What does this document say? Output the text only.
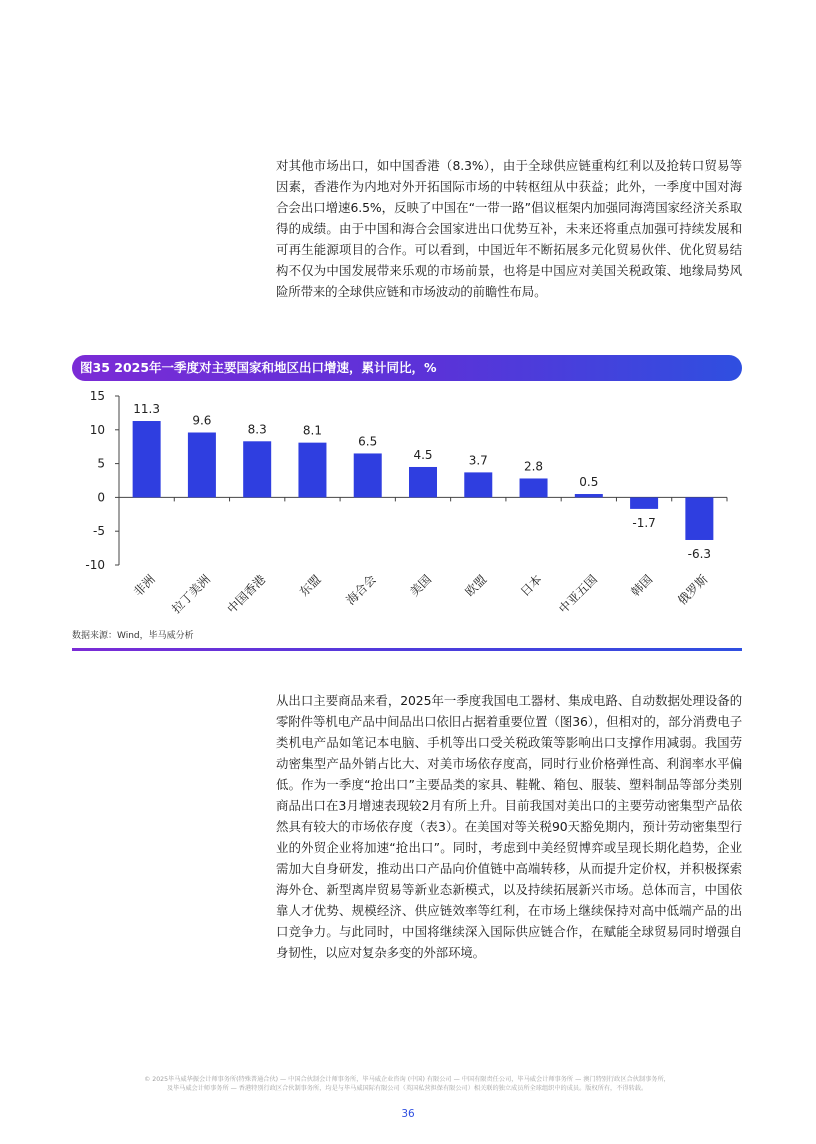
对其他市场出口，如中国香港（8.3%），由于全球供应链重构红利以及抢转口贸易等因素，香港作为内地对外开拓国际市场的中转枢纽从中获益；此外，一季度中国对海合会出口增速6.5%，反映了中国在“一带一路”倡议框架内加强同海湾国家经济关系取得的成绩。由于中国和海合会国家进出口优势互补，未来还将重点加强可持续发展和可再生能源项目的合作。可以看到，中国近年不断拓展多元化贸易伙伴、优化贸易结构不仅为中国发展带来乐观的市场前景，也将是中国应对美国关税政策、地缘局势风险所带来的全球供应链和市场波动的前瞻性布局。

图35 2025年一季度对主要国家和地区出口增速，累计同比，%
15
10
5
0
-5
-10
11.3
非洲
9.6
拉丁美洲
8.3
中国香港
8.1
东盟
6.5
海合会
4.5
美国
3.7
欧盟
2.8
日本
0.5
中亚五国
-1.7
韩国
-6.3
俄罗斯
数据来源：Wind，毕马威分析

从出口主要商品来看，2025年一季度我国电工器材、集成电路、自动数据处理设备的零附件等机电产品中间品出口依旧占据着重要位置（图36），但相对的，部分消费电子类机电产品如笔记本电脑、手机等出口受关税政策等影响出口支撑作用减弱。我国劳动密集型产品外销占比大、对美市场依存度高，同时行业价格弹性高、利润率水平偏低。作为一季度“抢出口”主要品类的家具、鞋靴、箱包、服装、塑料制品等部分类别商品出口在3月增速表现较2月有所上升。目前我国对美出口的主要劳动密集型产品依然具有较大的市场依存度（表3）。在美国对等关税90天豁免期内，预计劳动密集型行业的外贸企业将加速“抢出口”。同时，考虑到中美经贸博弈或呈现长期化趋势，企业需加大自身研发，推动出口产品向价值链中高端转移，从而提升定价权，并积极探索海外仓、新型离岸贸易等新业态新模式，以及持续拓展新兴市场。总体而言，中国依靠人才优势、规模经济、供应链效率等红利，在市场上继续保持对高中低端产品的出口竞争力。与此同时，中国将继续深入国际供应链合作，在赋能全球贸易同时增强自身韧性，以应对复杂多变的外部环境。

© 2025毕马威华振会计师事务所(特殊普通合伙) — 中国合伙制会计师事务所，毕马威企业咨询 (中国) 有限公司 — 中国有限责任公司，毕马威会计师事务所 — 澳门特别行政区合伙制事务所，
及毕马威会计师事务所 — 香港特别行政区合伙制事务所，均是与毕马威国际有限公司（英国私营担保有限公司）相关联的独立成员所全球组织中的成员。版权所有，不得转载。
36
